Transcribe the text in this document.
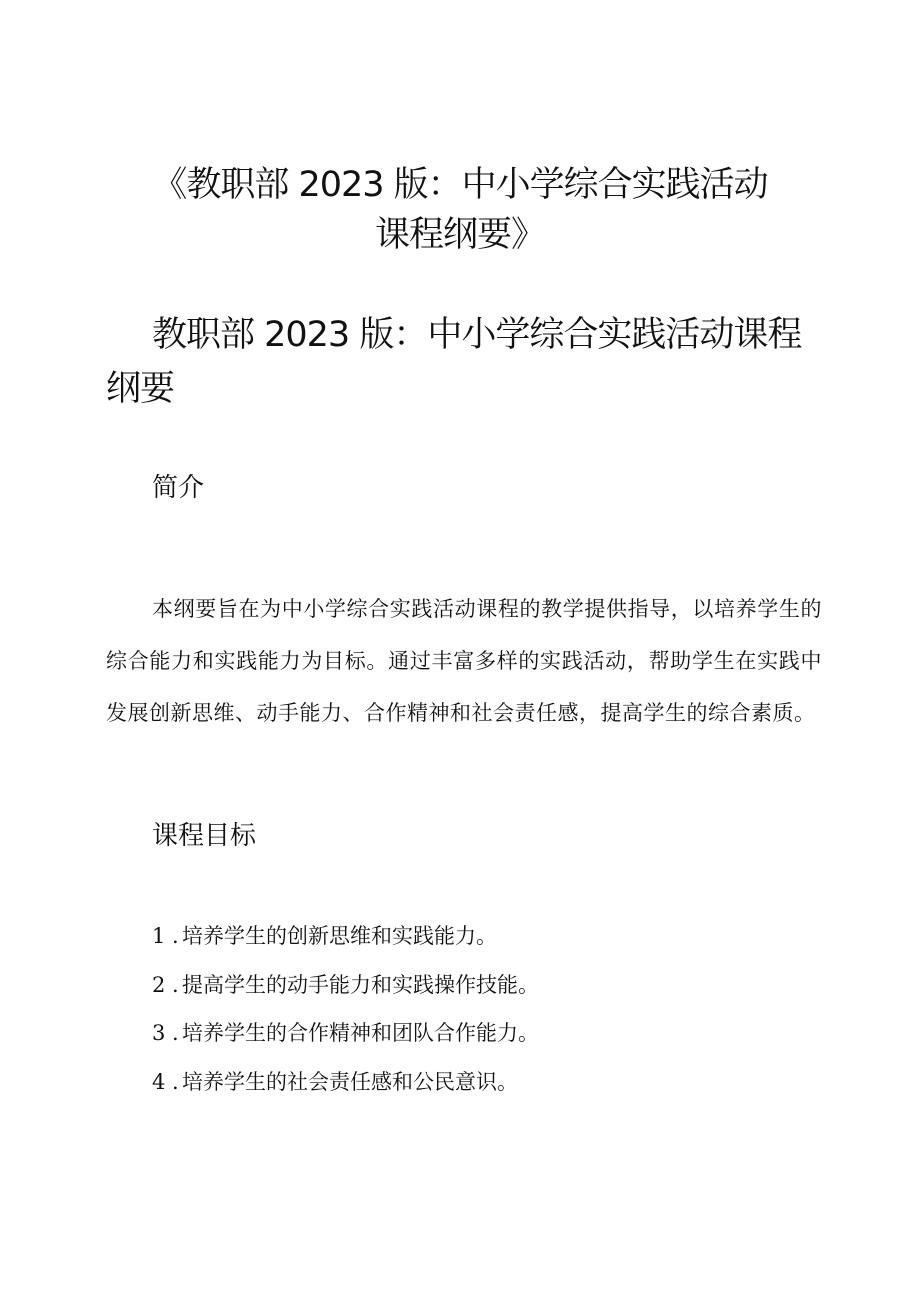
《教职部 2023 版：中小学综合实践活动
课程纲要》
教职部 2023 版：中小学综合实践活动课程
纲要
简介

本纲要旨在为中小学综合实践活动课程的教学提供指导，以培养学生的综合能力和实践能力为目标。通过丰富多样的实践活动，帮助学生在实践中发展创新思维、动手能力、合作精神和社会责任感，提高学生的综合素质。

课程目标
1 . 培养学生的创新思维和实践能力。
2 . 提高学生的动手能力和实践操作技能。
3 . 培养学生的合作精神和团队合作能力。
4 . 培养学生的社会责任感和公民意识。
